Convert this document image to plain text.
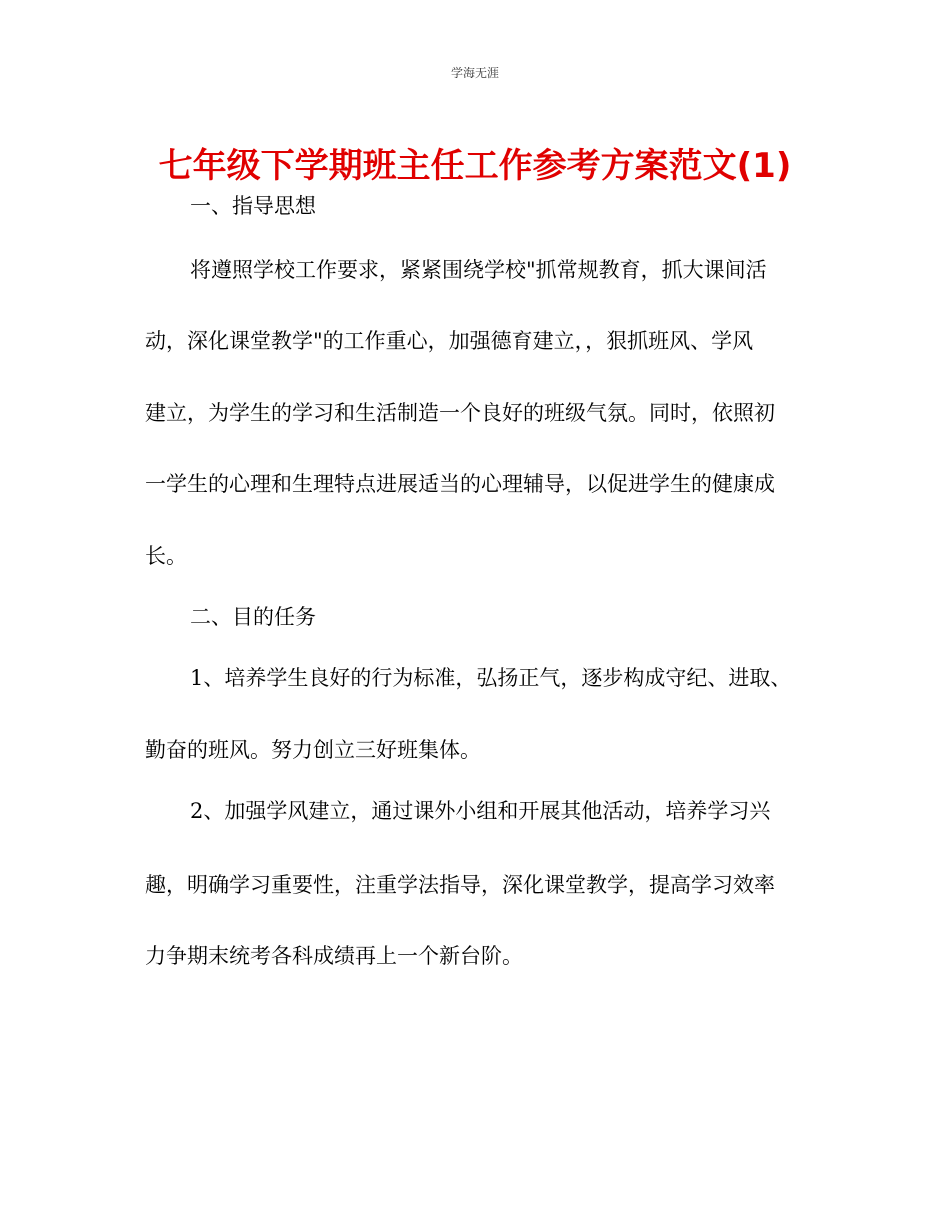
学海无涯
七年级下学期班主任工作参考方案范文(1)
一、指导思想
将遵照学校工作要求，紧紧围绕学校"抓常规教育，抓大课间活
动，深化课堂教学"的工作重心，加强德育建立，，狠抓班风、学风
建立，为学生的学习和生活制造一个良好的班级气氛。同时，依照初
一学生的心理和生理特点进展适当的心理辅导，以促进学生的健康成
长。
二、目的任务
1、培养学生良好的行为标准，弘扬正气，逐步构成守纪、进取、
勤奋的班风。努力创立三好班集体。
2、加强学风建立，通过课外小组和开展其他活动，培养学习兴
趣，明确学习重要性，注重学法指导，深化课堂教学，提高学习效率
力争期末统考各科成绩再上一个新台阶。
